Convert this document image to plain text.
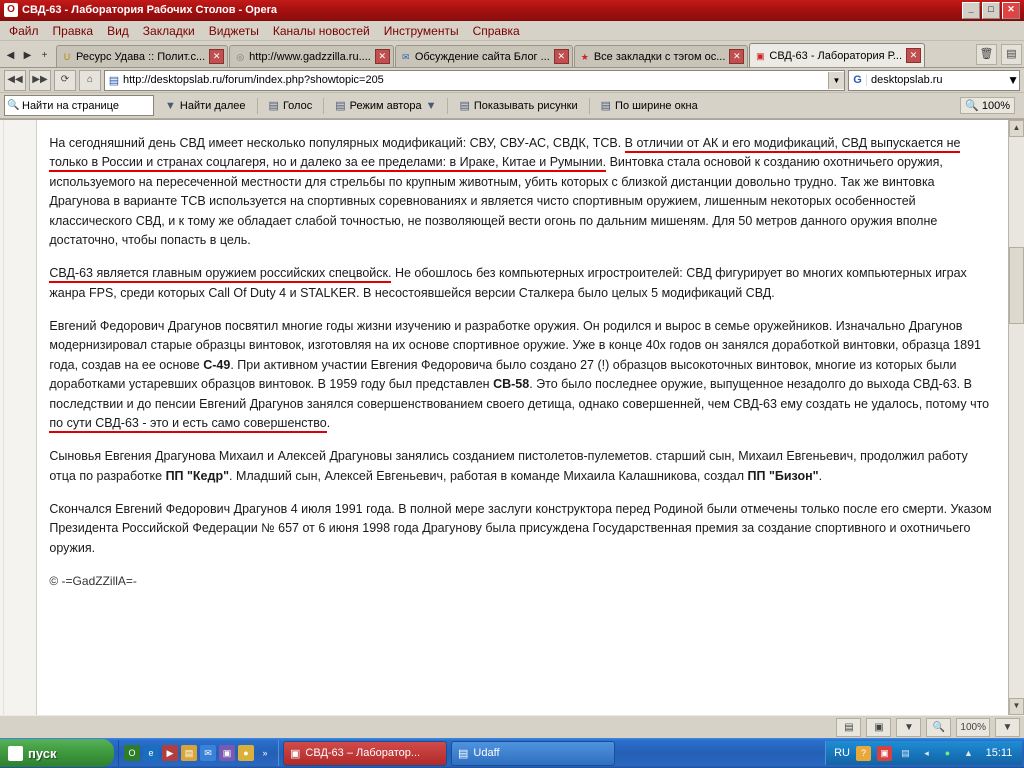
O СВД-63 - Лаборатория Рабочих Столов - Opera	_	□	✕
Файл	Правка	Вид	Закладки	Виджеты	Каналы новостей	Инструменты	Справка
◀ ▶	+	U Ресурс Удава :: Полит.с... ✕	◎ http://www.gadzzilla.ru.... ✕	✉ Обсуждение сайта Блог ... ✕	★ Все закладки с тэгом ос... ✕	▣ СВД-63 - Лаборатория Р... ✕	🗑	▤
◀◀ ▶▶	⟳	⌂	▤ http://desktopslab.ru/forum/index.php?showtopic=205	▼	G desktopslab.ru	▼
🔍 Найти на странице	▼ Найти далее ▤ Голос ▤ Режим автора ▼ ▤ Показывать рисунки ▤ По ширине окна	🔍 100%

На сегодняшний день СВД имеет несколько популярных модификаций: СВУ, СВУ-АС, СВДК, ТСВ. В отличии от АК и его модификаций, СВД выпускается не только в России и странах соцлагеря, но и далеко за ее пределами: в Ираке, Китае и Румынии. Винтовка стала основой к созданию охотничьего оружия, используемого на пересеченной местности для стрельбы по крупным животным, убить которых с близкой дистанции довольно трудно. Так же винтовка Драгунова в варианте ТСВ используется на спортивных соревнованиях и является чисто спортивным оружием, лишенным некоторых особенностей классического СВД, и к тому же обладает слабой точностью, не позволяющей вести огонь по дальним мишеням. Для 50 метров данного оружия вполне достаточно, чтобы попасть в цель.

СВД-63 является главным оружием российских спецвойск. Не обошлось без компьютерных игростроителей: СВД фигурирует во многих компьютерных играх жанра FPS, среди которых Call Of Duty 4 и STALKER. В несостоявшейся версии Сталкера было целых 5 модификаций СВД.

Евгений Федорович Драгунов посвятил многие годы жизни изучению и разработке оружия. Он родился и вырос в семье оружейников. Изначально Драгунов модернизировал старые образцы винтовок, изготовляя на их основе спортивное оружие. Уже в конце 40х годов он занялся доработкой винтовки, образца 1891 года, создав на ее основе С-49. При активном участии Евгения Федоровича было создано 27 (!) образцов высокоточных винтовок, многие из которых были доработками устаревших образцов винтовок. В 1959 году был представлен СВ-58. Это было последнее оружие, выпущенное незадолго до выхода СВД-63. В последствии и до пенсии Евгений Драгунов занялся совершенствованием своего детища, однако совершенней, чем СВД-63 ему создать не удалось, потому что по сути СВД-63 - это и есть само совершенство.

Сыновья Евгения Драгунова Михаил и Алексей Драгуновы занялись созданием пистолетов-пулеметов. старший сын, Михаил Евгеньевич, продолжил работу отца по разработке ПП "Кедр". Младший сын, Алексей Евгеньевич, работая в команде Михаила Калашникова, создал ПП "Бизон".

Скончался Евгений Федорович Драгунов 4 июля 1991 года. В полной мере заслуги конструктора перед Родиной были отмечены только после его смерти. Указом Президента Российской Федерации № 657 от 6 июня 1998 года Драгунову была присуждена Государственная премия за создание спортивного и охотничьего оружия.

© -=GadZZillA=-

▲
▼
▤	▣	▼	🔍	100%	▼
пуск	O	e	▶	▤	✉	▣	●	»	▣ СВД-63 – Лаборатор...	▤ Udaff	RU	?	▣	▤	◂	●	▲	15:11
